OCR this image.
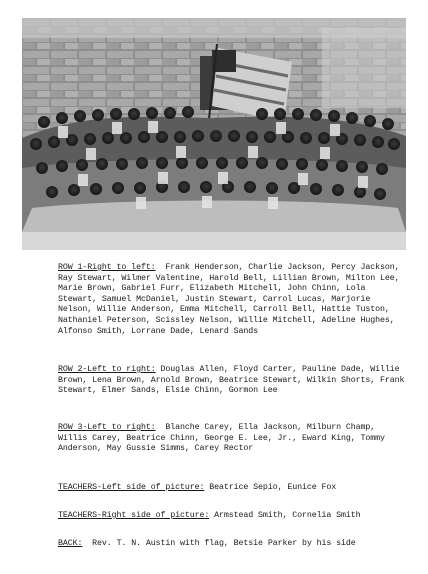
ROW 1-Right to left: Frank Henderson, Charlie Jackson, Percy Jackson, Ray Stewart, Wilmer Valentine, Harold Bell, Lillian Brown, Milton Lee, Marie Brown, Gabriel Furr, Elizabeth Mitchell, John Chinn, Lola Stewart, Samuel McDaniel, Justin Stewart, Carrol Lucas, Marjorie Nelson, Willie Anderson, Emma Mitchell, Carroll Bell, Hattie Tuston, Nathaniel Peterson, Scissley Nelson, Willie Mitchell, Adeline Hughes, Alfonso Smith, Lorrane Dade, Lenard Sands
ROW 2-Left to right: Douglas Allen, Floyd Carter, Pauline Dade, Willie Brown, Lena Brown, Arnold Brown, Beatrice Stewart, Wilkin Shorts, Frank Stewart, Elmer Sands, Elsie Chinn, Gormon Lee
ROW 3-Left to right: Blanche Carey, Ella Jackson, Milburn Champ, Willis Carey, Beatrice Chinn, George E. Lee, Jr., Eward King, Tommy Anderson, May Gussie Simms, Carey Rector
TEACHERS-Left side of picture: Beatrice Sepio, Eunice Fox
TEACHERS-Right side of picture: Armstead Smith, Cornelia Smith
BACK: Rev. T. N. Austin with flag, Betsie Parker by his side
